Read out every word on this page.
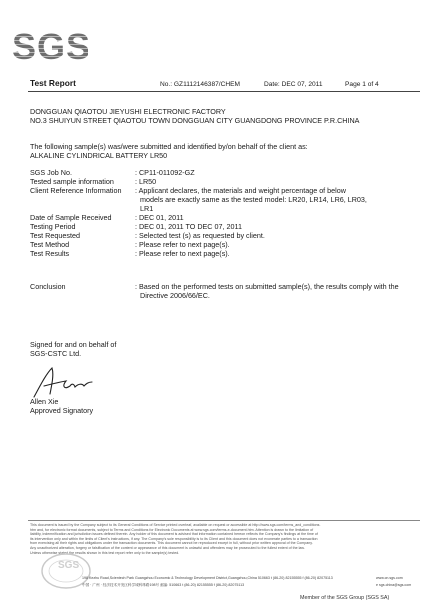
SGS
Test Report	No.: GZ1112146387/CHEM	Date: DEC 07, 2011	Page 1 of 4
DONGGUAN QIAOTOU JIEYUSHI ELECTRONIC FACTORY
NO.3 SHUIYUN STREET QIAOTOU TOWN DONGGUAN CITY GUANGDONG PROVINCE P.R.CHINA
The following sample(s) was/were submitted and identified by/on behalf of the client as:
ALKALINE CYLINDRICAL BATTERY LR50
SGS Job No.	: CP11-011092-GZ
Tested sample information	: LR50
Client Reference Information : Applicant declares, the materials and weight percentage of below
models are exactly same as the tested model: LR20, LR14, LR6, LR03,
LR1
Date of Sample Received	: DEC 01, 2011
Testing Period	: DEC 01, 2011 TO DEC 07, 2011
Test Requested	: Selected test (s) as requested by client.
Test Method	: Please refer to next page(s).
Test Results	: Please refer to next page(s).
Conclusion	: Based on the performed tests on submitted sample(s), the results comply with the
Directive 2006/66/EC.
Signed for and on behalf of
SGS-CSTC Ltd.
Allen Xie
Approved Signatory
This document is issued by the Company subject to its General Conditions of Service printed overleaf, available on request or accessible at http://www.sgs.com/terms_and_conditions.
htm and, for electronic format documents, subject to Terms and Conditions for Electronic Documents at www.sgs.com/terms-e-document.htm. Attention is drawn to the limitation of
liability, indemnification and jurisdiction issues defined therein. Any holder of this document is advised that information contained hereon reflects the Company's findings at the time of
its intervention only and within the limits of Client's instructions, if any. The Company's sole responsibility is to its Client and this document does not exonerate parties to a transaction
from exercising all their rights and obligations under the transaction documents. This document cannot be reproduced except in full, without prior written approval of the Company.
Any unauthorized alteration, forgery or falsification of the content or appearance of this document is unlawful and offenders may be prosecuted to the fullest extent of the law.
Unless otherwise stated the results shown in this test report refer only to the sample(s) tested.
SGS
198 Kezhu Road,Scientech Park Guangzhou Economic & Technology Development District,Guangzhou,China 510663 t (86-20) 82155555 f (86-20) 82075113
中国 · 广州 · 经济技术开发区科学城科珠路198号 邮编: 510663 t (86-20) 82155555 f (86-20) 82075113
www.cn.sgs.com
e sgs.china@sgs.com
Member of the SGS Group (SGS SA)
